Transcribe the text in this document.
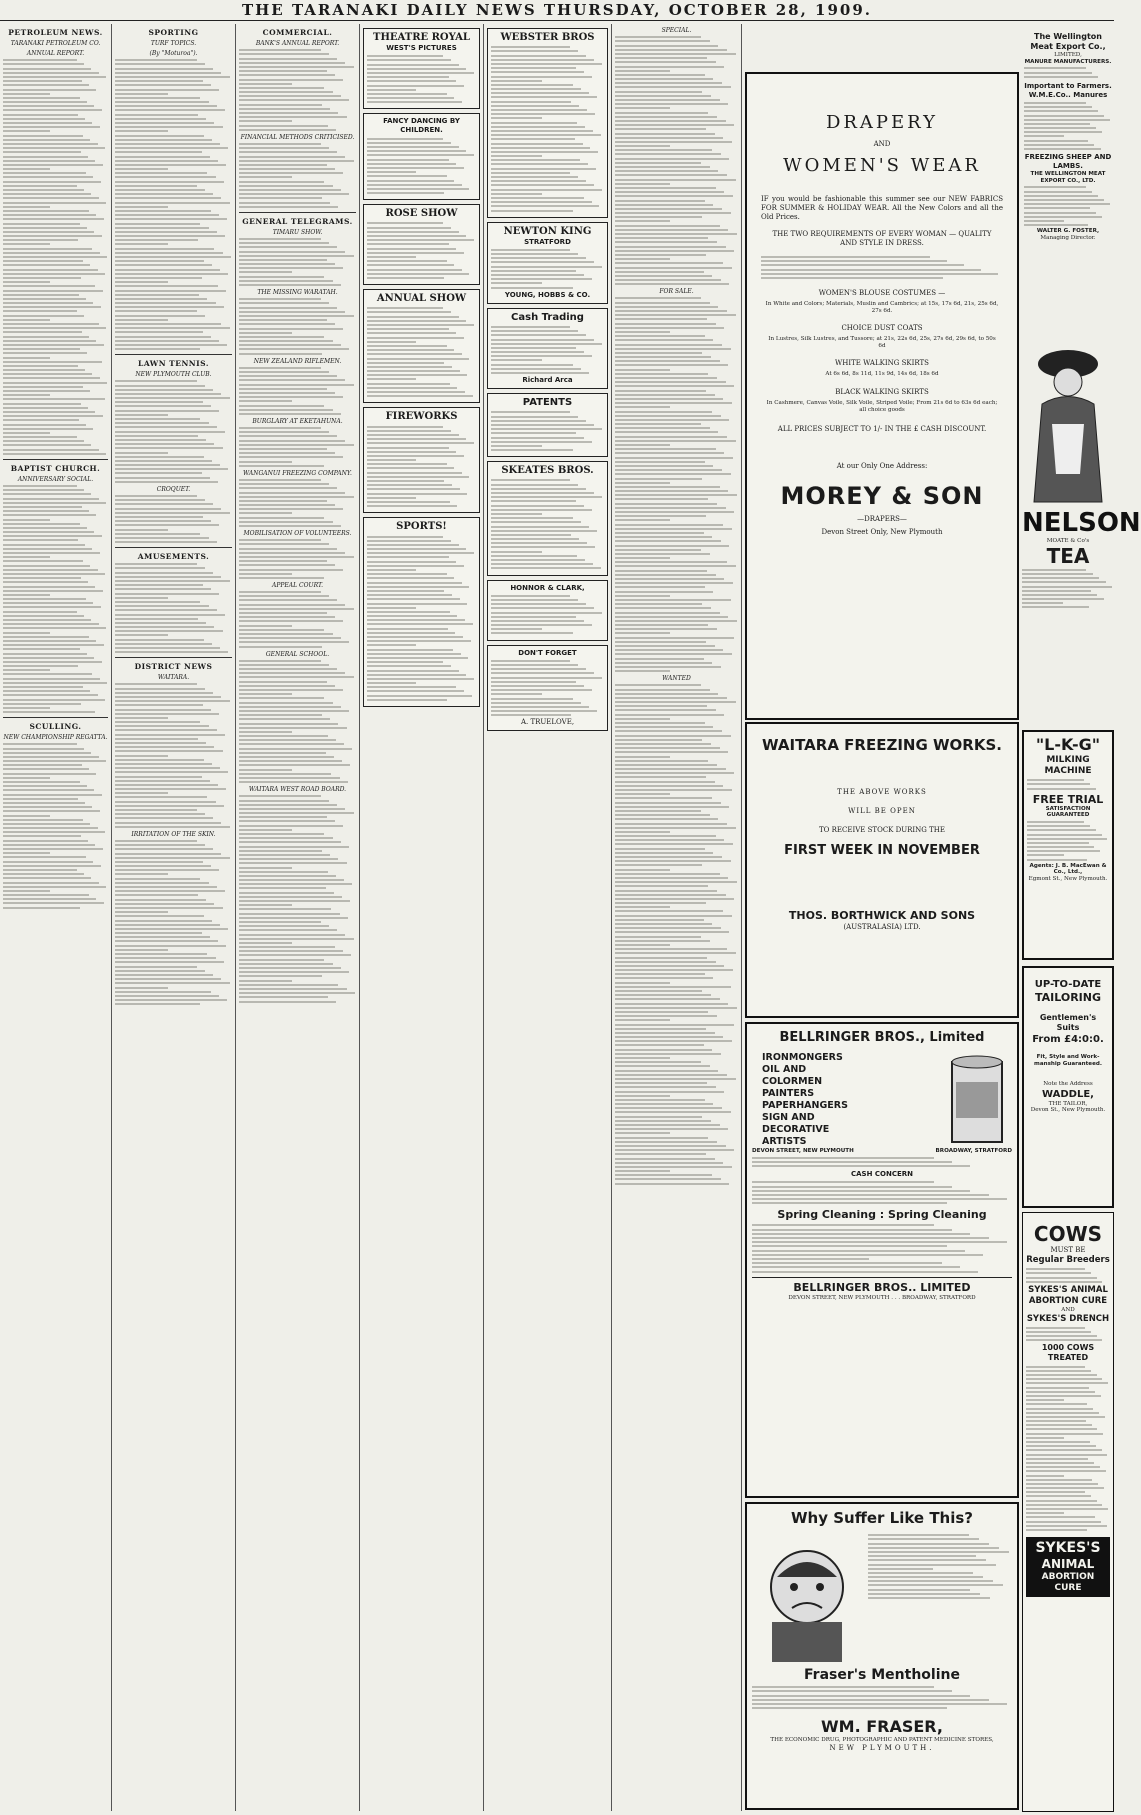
THE TARANAKI DAILY NEWS THURSDAY, OCTOBER 28, 1909.
PETROLEUM NEWS.
TARANAKI PETROLEUM CO.
ANNUAL REPORT.
BAPTIST CHURCH.
ANNIVERSARY SOCIAL.
SCULLING.
NEW CHAMPIONSHIP REGATTA.
SPORTING
TURF TOPICS.
(By "Moturoa").
LAWN TENNIS.
NEW PLYMOUTH CLUB.
CROQUET.
AMUSEMENTS.
DISTRICT NEWS
WAITARA.
IRRITATION OF THE SKIN.
COMMERCIAL.
BANK'S ANNUAL REPORT.
FINANCIAL METHODS CRITICISED.
GENERAL TELEGRAMS.
TIMARU SHOW.
THE MISSING WARATAH.
NEW ZEALAND RIFLEMEN.
BURGLARY AT EKETAHUNA.
WANGANUI FREEZING COMPANY.
MOBILISATION OF VOLUNTEERS.
APPEAL COURT.
GENERAL SCHOOL.
WAITARA WEST ROAD BOARD.
THEATRE ROYAL
WEST'S PICTURES
FANCY DANCING BY CHILDREN.
ROSE SHOW
ANNUAL SHOW
FIREWORKS
SPORTS!
WEBSTER BROS
NEWTON KING
STRATFORD
YOUNG, HOBBS & CO.
Cash Trading
Richard Arca
PATENTS
SKEATES BROS.
HONNOR & CLARK,
DON'T FORGET
A. TRUELOVE,
SPECIAL.
FOR SALE.
WANTED
DRAPERY
AND
WOMEN'S WEAR
IF you would be fashionable this summer see our NEW FABRICS FOR SUMMER & HOLIDAY WEAR. All the New Colors and all the Old Prices.
THE TWO REQUIREMENTS OF EVERY WOMAN — QUALITY AND STYLE IN DRESS.
WOMEN'S BLOUSE COSTUMES —
In White and Colors; Materials, Muslin and Cambrics; at 15s, 17s 6d, 21s, 25s 6d, 27s 6d.
CHOICE DUST COATS
In Lustres, Silk Lustres, and Tussore; at 21s, 22s 6d, 25s, 27s 6d, 29s 6d, to 50s 6d
WHITE WALKING SKIRTS
At 6s 6d, 8s 11d, 11s 9d, 14s 6d, 18s 6d
BLACK WALKING SKIRTS
In Cashmere, Canvas Voile, Silk Voile, Striped Voile; From 21s 6d to 63s 6d each; all choice goods
ALL PRICES SUBJECT TO 1/- IN THE £ CASH DISCOUNT.
At our Only One Address:
MOREY & SON
—DRAPERS—
Devon Street Only, New Plymouth
The Wellington Meat Export Co.,
LIMITED,
MANURE MANUFACTURERS.
Important to Farmers.
W.M.E.Co.. Manures
FREEZING SHEEP AND LAMBS.
THE WELLINGTON MEAT EXPORT CO., LTD.
WALTER G. FOSTER,
Managing Director.
NELSON
MOATE & Co's
TEA
WAITARA FREEZING WORKS.
THE ABOVE WORKS
WILL BE OPEN
TO RECEIVE STOCK DURING THE
FIRST WEEK IN NOVEMBER
THOS. BORTHWICK AND SONS
(AUSTRALASIA) LTD.
"L-K-G"
MILKING MACHINE
FREE TRIAL
SATISFACTION GUARANTEED
Agents: J. B. MacEwan & Co., Ltd.,
Egmont St., New Plymouth.
BELLRINGER BROS., Limited
IRONMONGERS
OIL AND
COLORMEN
PAINTERS
PAPERHANGERS
SIGN AND
DECORATIVE
ARTISTS
DEVON STREET, NEW PLYMOUTH	BROADWAY, STRATFORD
CASH CONCERN
Spring Cleaning : Spring Cleaning
BELLRINGER BROS.. LIMITED
DEVON STREET, NEW PLYMOUTH . . . BROADWAY, STRATFORD
UP-TO-DATE
TAILORING
Gentlemen's Suits
From £4:0:0.
Fit, Style and Work-
manship Guaranteed.
Note the Address
WADDLE,
THE TAILOR,
Devon St., New Plymouth.
COWS
MUST BE
Regular Breeders
SYKES'S ANIMAL
ABORTION CURE
AND
SYKES'S DRENCH
1000 COWS TREATED
SYKES'S
ANIMAL
ABORTION CURE
Why Suffer Like This?
Fraser's Mentholine
WM. FRASER,
THE ECONOMIC DRUG, PHOTOGRAPHIC AND PATENT MEDICINE STORES,
NEW PLYMOUTH.
